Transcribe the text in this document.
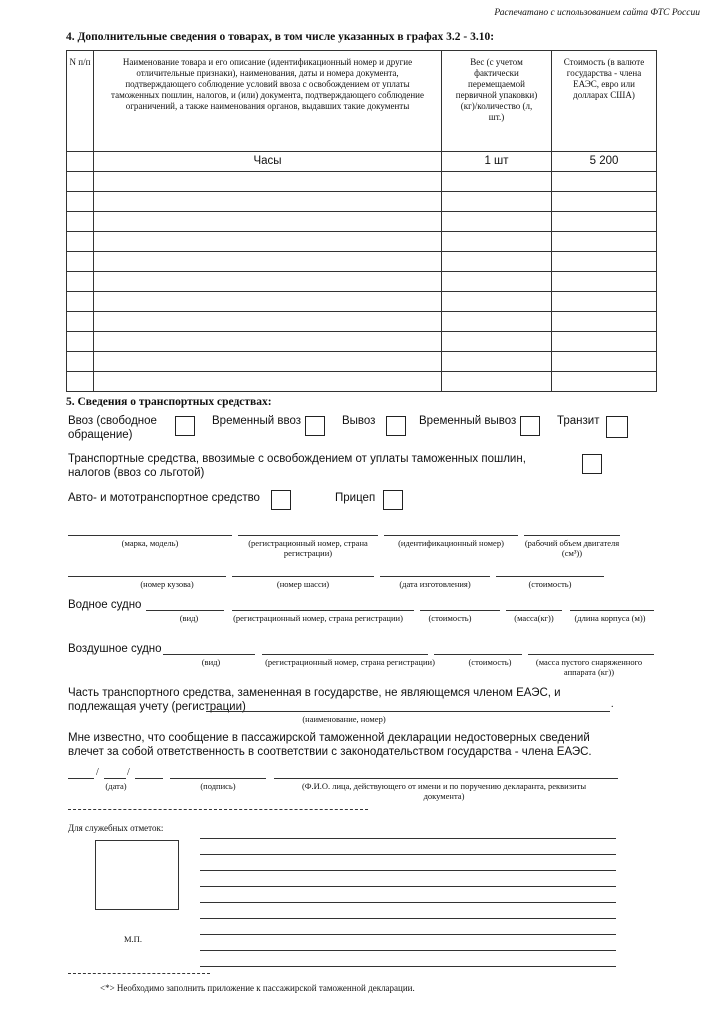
Распечатано с использованием сайта ФТС России
4. Дополнительные сведения о товарах, в том числе указанных в графах 3.2 - 3.10:
N п/п	Наименование товара и его описание (идентификационный номер и другие отличительные признаки), наименования, даты и номера документа, подтверждающего соблюдение условий ввоза с освобождением от уплаты таможенных пошлин, налогов, и (или) документа, подтверждающего соблюдение ограничений, а также наименования органов, выдавших такие документы	Вес (с учетом фактически перемещаемой первичной упаковки) (кг)/количество (л, шт.)	Стоимость (в валюте государства - члена ЕАЭС, евро или долларах США)
	Часы	1 шт	5 200

5. Сведения о транспортных средствах:
Ввоз (свободное обращение)
Временный ввоз	Вывоз	Временный вывоз	Транзит
Транспортные средства, ввозимые с освобождением от уплаты таможенных пошлин, налогов (ввоз со льготой)
Авто- и мототранспортное средство	Прицеп
(марка, модель)	(регистрационный номер, страна регистрации)
(идентификационный номер)	(рабочий объем двигателя (см³))
(номер кузова)	(номер шасси)	(дата изготовления)	(стоимость)
Водное судно
(вид)	(регистрационный номер, страна регистрации)	(стоимость)	(масса(кг))	(длина корпуса (м))
Воздушное судно
(вид)	(регистрационный номер, страна регистрации)	(стоимость)	(масса пустого снаряженного аппарата (кг))
Часть транспортного средства, замененная в государстве, не являющемся членом ЕАЭС, и подлежащая учету (регистрации)	.
(наименование, номер)
Мне известно, что сообщение в пассажирской таможенной декларации недостоверных сведений влечет за собой ответственность в соответствии с законодательством государства - члена ЕАЭС.
/	/
(дата)	(подпись)	(Ф.И.О. лица, действующего от имени и по поручению декларанта, реквизиты документа)
Для служебных отметок:
М.П.
<*> Необходимо заполнить приложение к пассажирской таможенной декларации.
